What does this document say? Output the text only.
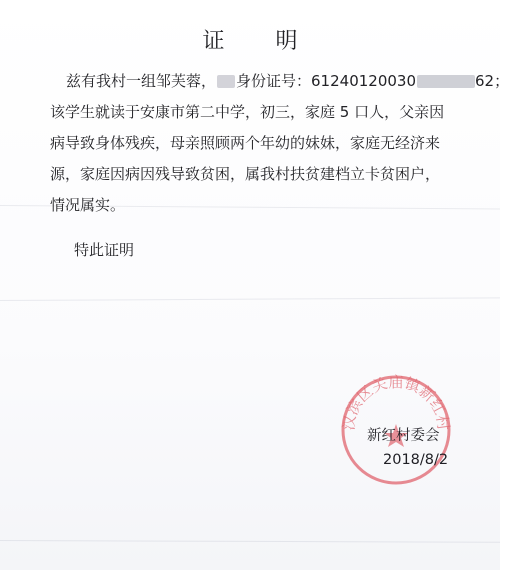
证 明
兹有我村一组邹芙蓉， 身份证号：61240120030	62；
该学生就读于安康市第二中学，初三，家庭 5 口人，父亲因
病导致身体残疾，母亲照顾两个年幼的妹妹，家庭无经济来
源，家庭因病因残导致贫困，属我村扶贫建档立卡贫困户，
情况属实。
特此证明
汉滨区关庙镇新红村
新红村委会
2018/8/2
